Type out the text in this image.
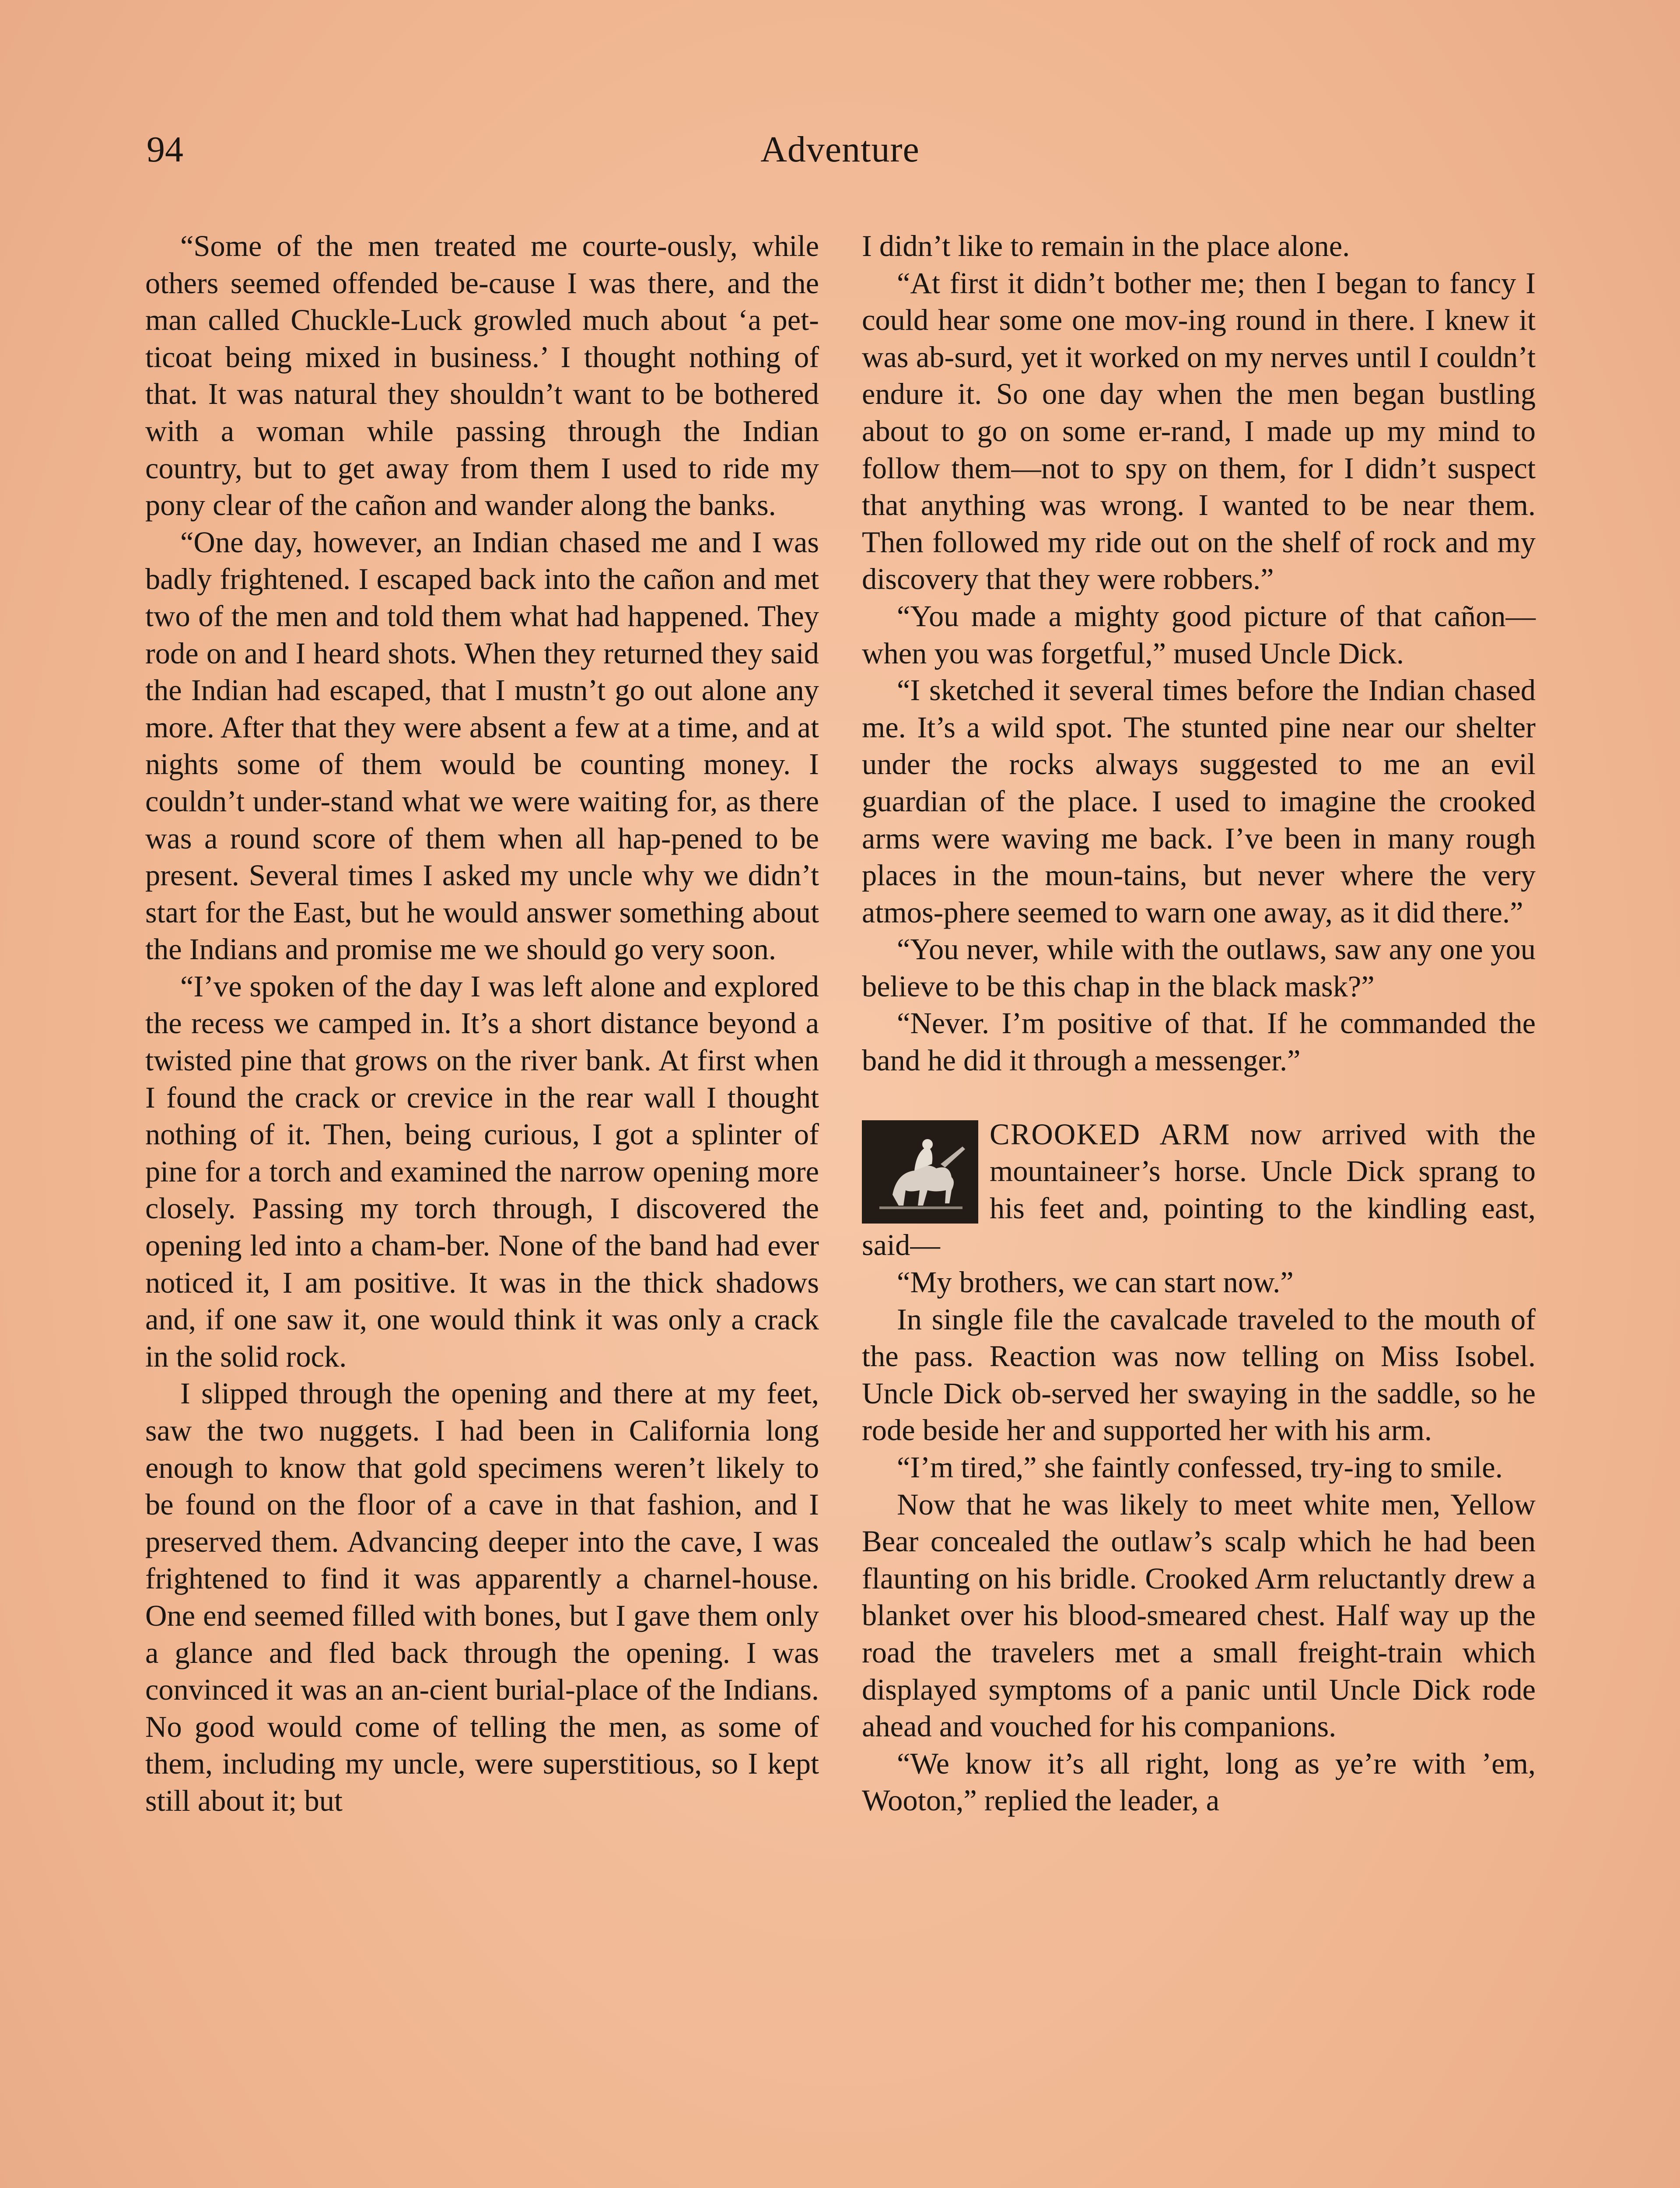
94	Adventure

“Some of the men treated me courte-ously, while others seemed offended be-cause I was there, and the man called Chuckle-Luck growled much about ‘a pet-ticoat being mixed in business.’ I thought nothing of that. It was natural they shouldn’t want to be bothered with a woman while passing through the Indian country, but to get away from them I used to ride my pony clear of the cañon and wander along the banks.

“One day, however, an Indian chased me and I was badly frightened. I escaped back into the cañon and met two of the men and told them what had happened. They rode on and I heard shots. When they returned they said the Indian had escaped, that I mustn’t go out alone any more. After that they were absent a few at a time, and at nights some of them would be counting money. I couldn’t under-stand what we were waiting for, as there was a round score of them when all hap-pened to be present. Several times I asked my uncle why we didn’t start for the East, but he would answer something about the Indians and promise me we should go very soon.

“I’ve spoken of the day I was left alone and explored the recess we camped in. It’s a short distance beyond a twisted pine that grows on the river bank. At first when I found the crack or crevice in the rear wall I thought nothing of it. Then, being curious, I got a splinter of pine for a torch and examined the narrow opening more closely. Passing my torch through, I discovered the opening led into a cham-ber. None of the band had ever noticed it, I am positive. It was in the thick shadows and, if one saw it, one would think it was only a crack in the solid rock.

I slipped through the opening and there at my feet, saw the two nuggets. I had been in California long enough to know that gold specimens weren’t likely to be found on the floor of a cave in that fashion, and I preserved them. Advancing deeper into the cave, I was frightened to find it was apparently a charnel-house. One end seemed filled with bones, but I gave them only a glance and fled back through the opening. I was convinced it was an an-cient burial-place of the Indians. No good would come of telling the men, as some of them, including my uncle, were superstitious, so I kept still about it; but

I didn’t like to remain in the place alone.

“At first it didn’t bother me; then I began to fancy I could hear some one mov-ing round in there. I knew it was ab-surd, yet it worked on my nerves until I couldn’t endure it. So one day when the men began bustling about to go on some er-rand, I made up my mind to follow them—not to spy on them, for I didn’t suspect that anything was wrong. I wanted to be near them. Then followed my ride out on the shelf of rock and my discovery that they were robbers.”

“You made a mighty good picture of that cañon—when you was forgetful,” mused Uncle Dick.

“I sketched it several times before the Indian chased me. It’s a wild spot. The stunted pine near our shelter under the rocks always suggested to me an evil guardian of the place. I used to imagine the crooked arms were waving me back. I’ve been in many rough places in the moun-tains, but never where the very atmos-phere seemed to warn one away, as it did there.”

“You never, while with the outlaws, saw any one you believe to be this chap in the black mask?”

“Never. I’m positive of that. If he commanded the band he did it through a messenger.”

CROOKED ARM now arrived with the mountaineer’s horse. Uncle Dick sprang to his feet and, pointing to the kindling east, said—

“My brothers, we can start now.”

In single file the cavalcade traveled to the mouth of the pass. Reaction was now telling on Miss Isobel. Uncle Dick ob-served her swaying in the saddle, so he rode beside her and supported her with his arm.

“I’m tired,” she faintly confessed, try-ing to smile.

Now that he was likely to meet white men, Yellow Bear concealed the outlaw’s scalp which he had been flaunting on his bridle. Crooked Arm reluctantly drew a blanket over his blood-smeared chest. Half way up the road the travelers met a small freight-train which displayed symptoms of a panic until Uncle Dick rode ahead and vouched for his companions.

“We know it’s all right, long as ye’re with ’em, Wooton,” replied the leader, a
